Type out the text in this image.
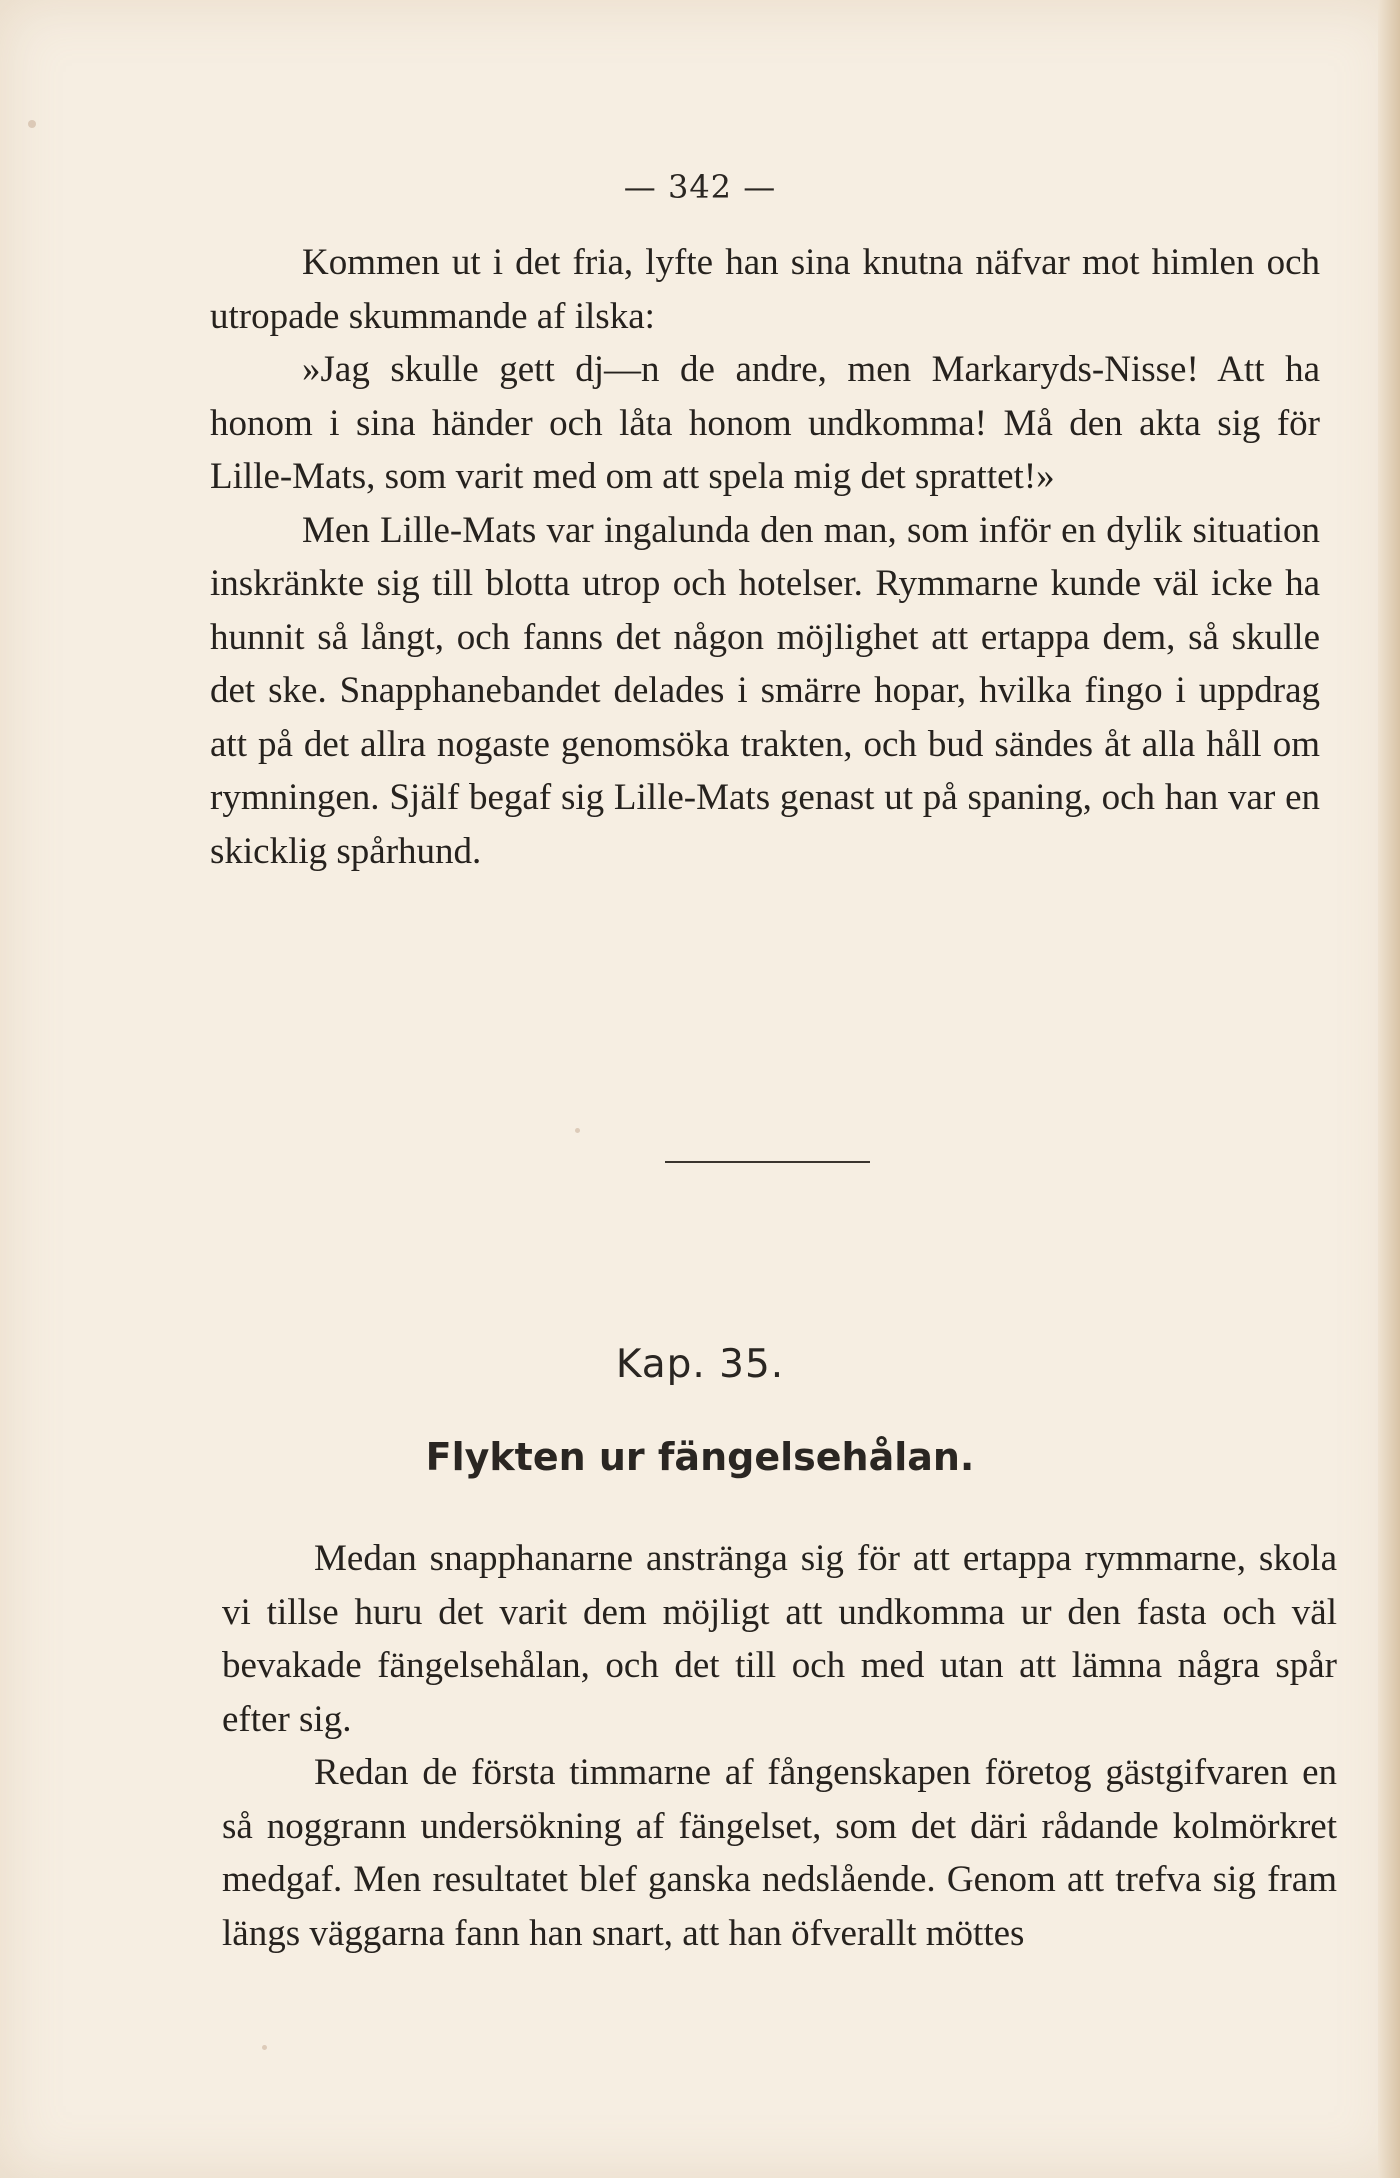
— 342 —

Kommen ut i det fria, lyfte han sina knutna näfvar mot himlen och utropade skummande af ilska:

»Jag skulle gett dj—n de andre, men Markaryds-Nisse! Att ha honom i sina händer och låta honom undkomma! Må den akta sig för Lille-Mats, som varit med om att spela mig det sprattet!»

Men Lille-Mats var ingalunda den man, som inför en dylik situation inskränkte sig till blotta utrop och hotelser. Rymmarne kunde väl icke ha hunnit så långt, och fanns det någon möjlighet att ertappa dem, så skulle det ske. Snapphanebandet delades i smärre hopar, hvilka fingo i uppdrag att på det allra nogaste genomsöka trakten, och bud sändes åt alla håll om rymningen. Själf begaf sig Lille-Mats genast ut på spaning, och han var en skicklig spårhund.

Kap. 35.
Flykten ur fängelsehålan.

Medan snapphanarne anstränga sig för att ertappa rymmarne, skola vi tillse huru det varit dem möjligt att undkomma ur den fasta och väl bevakade fängelsehålan, och det till och med utan att lämna några spår efter sig.

Redan de första timmarne af fångenskapen företog gästgifvaren en så noggrann undersökning af fängelset, som det däri rådande kolmörkret medgaf. Men resultatet blef ganska nedslående. Genom att trefva sig fram längs väggarna fann han snart, att han öfverallt möttes
